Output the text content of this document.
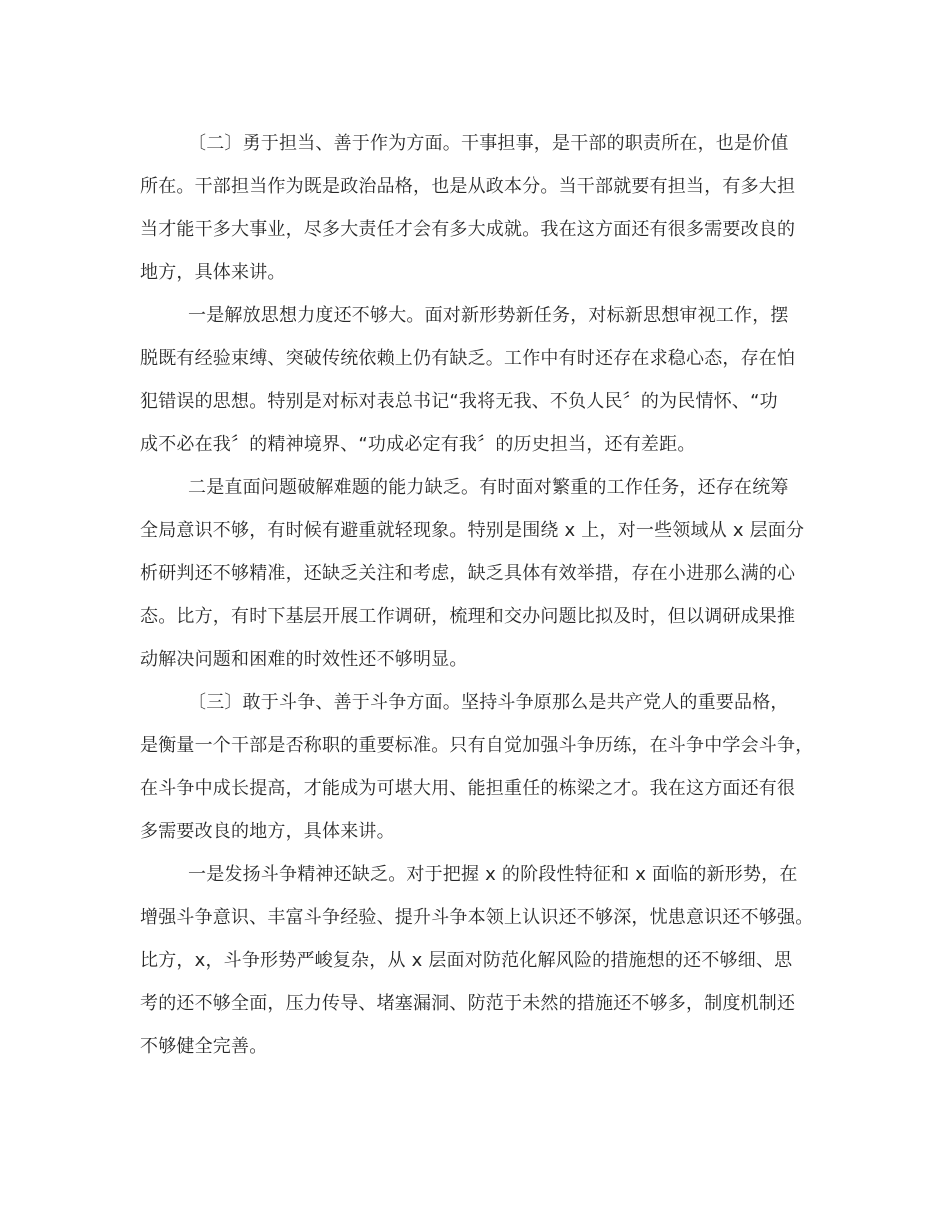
〔二〕勇于担当、善于作为方面。干事担事，是干部的职责所在，也是价值
所在。干部担当作为既是政治品格，也是从政本分。当干部就要有担当，有多大担
当才能干多大事业，尽多大责任才会有多大成就。我在这方面还有很多需要改良的
地方，具体来讲。
一是解放思想力度还不够大。面对新形势新任务，对标新思想审视工作，摆
脱既有经验束缚、突破传统依赖上仍有缺乏。工作中有时还存在求稳心态，存在怕
犯错误的思想。特别是对标对表总书记“我将无我、不负人民〞的为民情怀、“功
成不必在我〞的精神境界、“功成必定有我〞的历史担当，还有差距。
二是直面问题破解难题的能力缺乏。有时面对繁重的工作任务，还存在统筹
全局意识不够，有时候有避重就轻现象。特别是围绕 x 上，对一些领域从 x 层面分
析研判还不够精准，还缺乏关注和考虑，缺乏具体有效举措，存在小进那么满的心
态。比方，有时下基层开展工作调研，梳理和交办问题比拟及时，但以调研成果推
动解决问题和困难的时效性还不够明显。
〔三〕敢于斗争、善于斗争方面。坚持斗争原那么是共产党人的重要品格，
是衡量一个干部是否称职的重要标准。只有自觉加强斗争历练，在斗争中学会斗争，
在斗争中成长提高，才能成为可堪大用、能担重任的栋梁之才。我在这方面还有很
多需要改良的地方，具体来讲。
一是发扬斗争精神还缺乏。对于把握 x 的阶段性特征和 x 面临的新形势，在
增强斗争意识、丰富斗争经验、提升斗争本领上认识还不够深，忧患意识还不够强。
比方，x，斗争形势严峻复杂，从 x 层面对防范化解风险的措施想的还不够细、思
考的还不够全面，压力传导、堵塞漏洞、防范于未然的措施还不够多，制度机制还
不够健全完善。
